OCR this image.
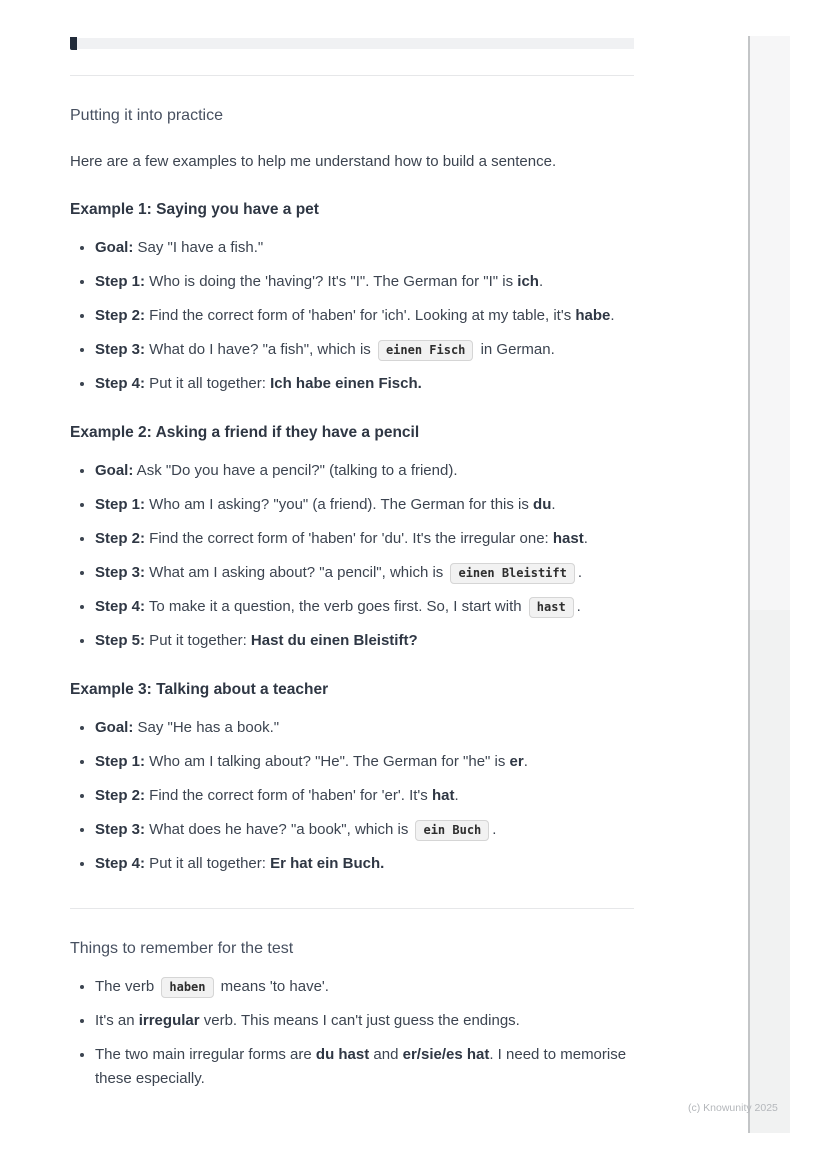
Putting it into practice

Here are a few examples to help me understand how to build a sentence.

Example 1: Saying you have a pet
• Goal: Say "I have a fish."
• Step 1: Who is doing the 'having'? It's "I". The German for "I" is ich.
• Step 2: Find the correct form of 'haben' for 'ich'. Looking at my table, it's habe.
• Step 3: What do I have? "a fish", which is einen Fisch in German.
• Step 4: Put it all together: Ich habe einen Fisch.
Example 2: Asking a friend if they have a pencil
• Goal: Ask "Do you have a pencil?" (talking to a friend).
• Step 1: Who am I asking? "you" (a friend). The German for this is du.
• Step 2: Find the correct form of 'haben' for 'du'. It's the irregular one: hast.
• Step 3: What am I asking about? "a pencil", which is einen Bleistift .
• Step 4: To make it a question, the verb goes first. So, I start with hast .
• Step 5: Put it together: Hast du einen Bleistift?
Example 3: Talking about a teacher
• Goal: Say "He has a book."
• Step 1: Who am I talking about? "He". The German for "he" is er.
• Step 2: Find the correct form of 'haben' for 'er'. It's hat.
• Step 3: What does he have? "a book", which is ein Buch .
• Step 4: Put it all together: Er hat ein Buch.
Things to remember for the test
• The verb haben means 'to have'.
• It's an irregular verb. This means I can't just guess the endings.
• The two main irregular forms are du hast and er/sie/es hat. I need to memorise these especially.
(c) Knowunity 2025
